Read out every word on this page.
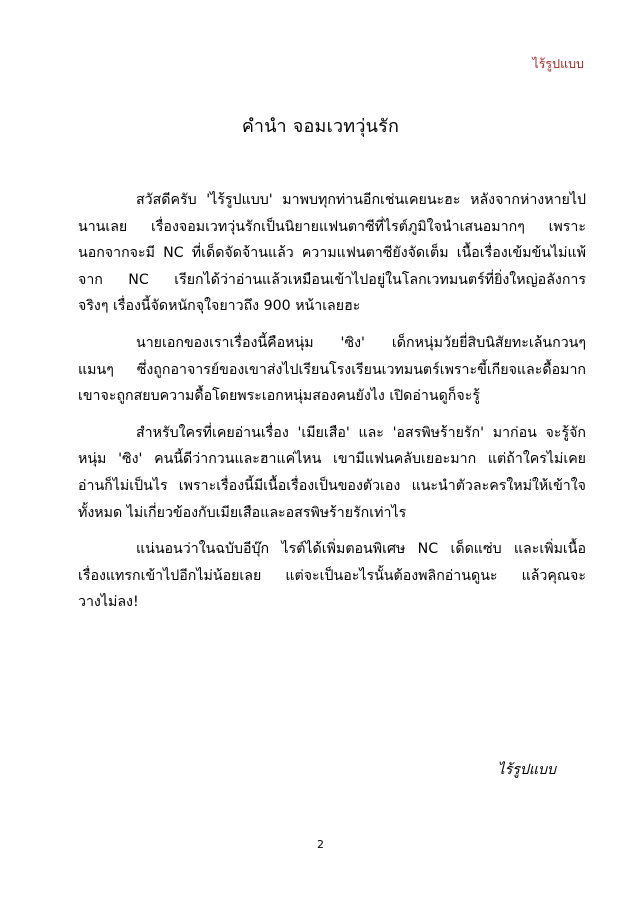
ไร้รูปแบบ
คำนำ จอมเวทวุ่นรัก

สวัสดีครับ 'ไร้รูปแบบ' มาพบทุกท่านอีกเช่นเคยนะฮะ หลังจากห่างหายไป
นานเลย เรื่องจอมเวทวุ่นรักเป็นนิยายแฟนตาซีที่ไรต์ภูมิใจนำเสนอมากๆ เพราะ
นอกจากจะมี NC ที่เด็ดจัดจ้านแล้ว ความแฟนตาซียังจัดเต็ม เนื้อเรื่องเข้มข้นไม่แพ้
จาก NC เรียกได้ว่าอ่านแล้วเหมือนเข้าไปอยู่ในโลกเวทมนตร์ที่ยิ่งใหญ่อลังการ
จริงๆ เรื่องนี้จัดหนักจุใจยาวถึง 900 หน้าเลยฮะ

นายเอกของเราเรื่องนี้คือหนุ่ม 'ซิง' เด็กหนุ่มวัยยี่สิบนิสัยทะเล้นกวนๆ
แมนๆ ซึ่งถูกอาจารย์ของเขาส่งไปเรียนโรงเรียนเวทมนตร์เพราะขี้เกียจและดื้อมาก
เขาจะถูกสยบความดื้อโดยพระเอกหนุ่มสองคนยังไง เปิดอ่านดูก็จะรู้

สำหรับใครที่เคยอ่านเรื่อง 'เมียเสือ' และ 'อสรพิษร้ายรัก' มาก่อน จะรู้จัก
หนุ่ม 'ซิง' คนนี้ดีว่ากวนและฮาแค่ไหน เขามีแฟนคลับเยอะมาก แต่ถ้าใครไม่เคย
อ่านก็ไม่เป็นไร เพราะเรื่องนี้มีเนื้อเรื่องเป็นของตัวเอง แนะนำตัวละครใหม่ให้เข้าใจ
ทั้งหมด ไม่เกี่ยวข้องกับเมียเสือและอสรพิษร้ายรักเท่าไร

แน่นอนว่าในฉบับอีบุ๊ก ไรต์ได้เพิ่มตอนพิเศษ NC เด็ดแซ่บ และเพิ่มเนื้อ
เรื่องแทรกเข้าไปอีกไม่น้อยเลย แต่จะเป็นอะไรนั้นต้องพลิกอ่านดูนะ แล้วคุณจะ
วางไม่ลง!

ไร้รูปแบบ
2
